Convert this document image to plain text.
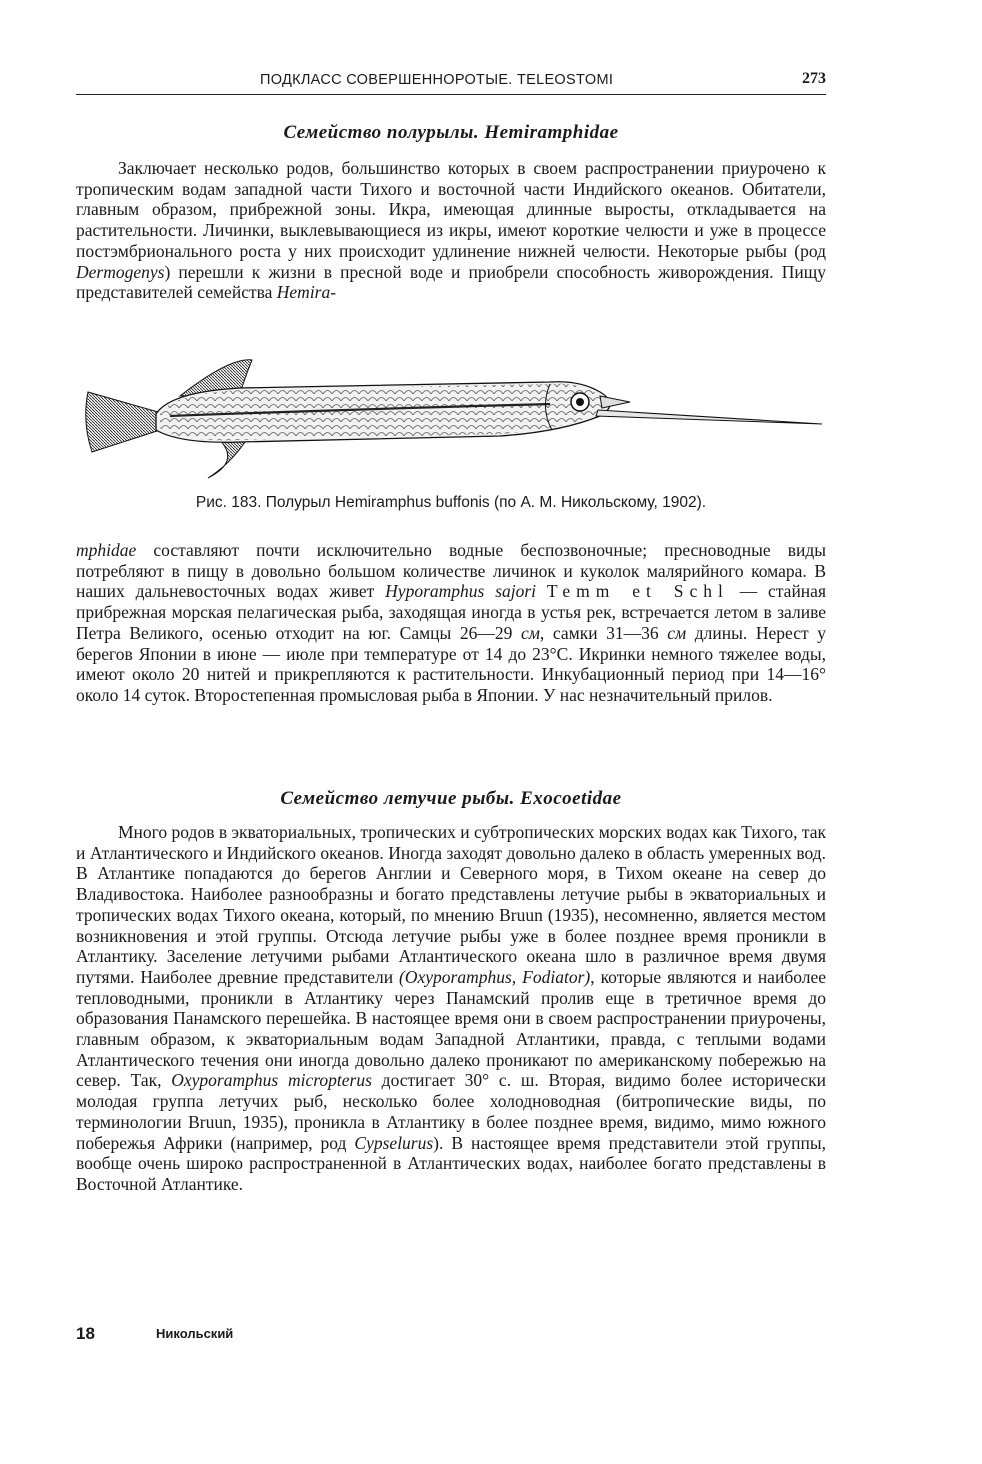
ПОДКЛАСС СОВЕРШЕННОРОТЫЕ. TELEOSTOMI	273
Семейство полурылы. Hemiramphidae

Заключает несколько родов, большинство которых в своем распространении приурочено к тропическим водам западной части Тихого и восточной части Индийского океанов. Обитатели, главным образом, прибрежной зоны. Икра, имеющая длинные выросты, откладывается на растительности. Личинки, выклевывающиеся из икры, имеют короткие челюсти и уже в процессе постэмбрионального роста у них происходит удлинение нижней челюсти. Некоторые рыбы (род Dermogenys) перешли к жизни в пресной воде и приобрели способность живорождения. Пищу представителей семейства Hemira-

Рис. 183. Полурыл Hemiramphus buffonis (по А. М. Никольскому, 1902).

mphidae составляют почти исключительно водные беспозвоночные; пресноводные виды потребляют в пищу в довольно большом количестве личинок и куколок малярийного комара. В наших дальневосточных водах живет Hyporamphus sajori Temm et Schl — стайная прибрежная морская пелагическая рыба, заходящая иногда в устья рек, встречается летом в заливе Петра Великого, осенью отходит на юг. Самцы 26—29 см, самки 31—36 см длины. Нерест у берегов Японии в июне — июле при температуре от 14 до 23°С. Икринки немного тяжелее воды, имеют около 20 нитей и прикрепляются к растительности. Инкубационный период при 14—16° около 14 суток. Второстепенная промысловая рыба в Японии. У нас незначительный прилов.

Семейство летучие рыбы. Exocoetidae

Много родов в экваториальных, тропических и субтропических морских водах как Тихого, так и Атлантического и Индийского океанов. Иногда заходят довольно далеко в область умеренных вод. В Атлантике попадаются до берегов Англии и Северного моря, в Тихом океане на север до Владивостока. Наиболее разнообразны и богато представлены летучие рыбы в экваториальных и тропических водах Тихого океана, который, по мнению Bruun (1935), несомненно, является местом возникновения и этой группы. Отсюда летучие рыбы уже в более позднее время проникли в Атлантику. Заселение летучими рыбами Атлантического океана шло в различное время двумя путями. Наиболее древние представители (Oxyporamphus, Fodiator), которые являются и наиболее тепловодными, проникли в Атлантику через Панамский пролив еще в третичное время до образования Панамского перешейка. В настоящее время они в своем распространении приурочены, главным образом, к экваториальным водам Западной Атлантики, правда, с теплыми водами Атлантического течения они иногда довольно далеко проникают по американскому побережью на север. Так, Oxyporamphus micropterus достигает 30° с. ш. Вторая, видимо более исторически молодая группа летучих рыб, несколько более холодноводная (битропические виды, по терминологии Bruun, 1935), проникла в Атлантику в более позднее время, видимо, мимо южного побережья Африки (например, род Cypselurus). В настоящее время представители этой группы, вообще очень широко распространенной в Атлантических водах, наиболее богато представлены в Восточной Атлантике.

18	Никольский
